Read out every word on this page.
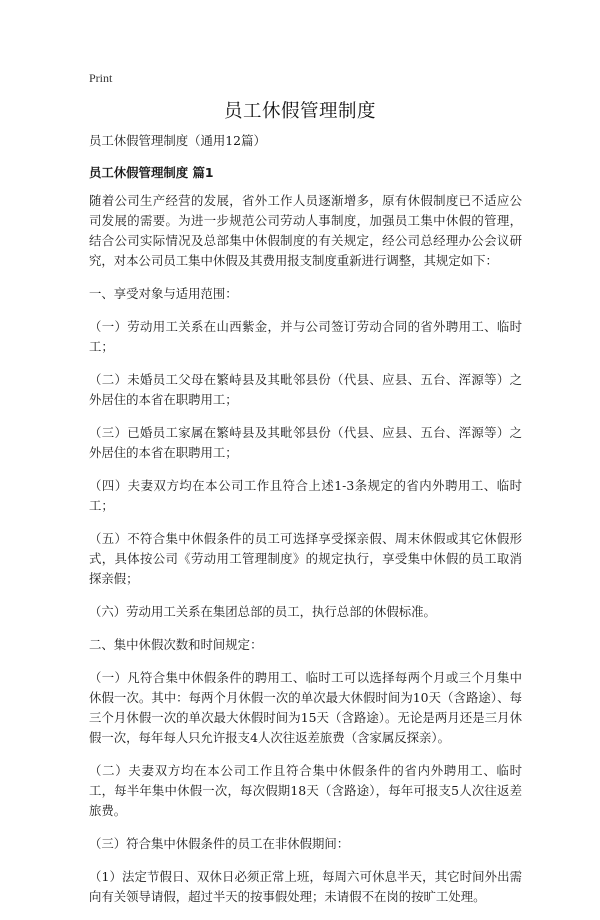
Print
员工休假管理制度

员工休假管理制度（通用12篇）

员工休假管理制度 篇1

随着公司生产经营的发展，省外工作人员逐渐增多，原有休假制度已不适应公司发展的需要。为进一步规范公司劳动人事制度，加强员工集中休假的管理，结合公司实际情况及总部集中休假制度的有关规定，经公司总经理办公会议研究，对本公司员工集中休假及其费用报支制度重新进行调整，其规定如下：

一、享受对象与适用范围：

（一）劳动用工关系在山西紫金，并与公司签订劳动合同的省外聘用工、临时工；

（二）未婚员工父母在繁峙县及其毗邻县份（代县、应县、五台、浑源等）之外居住的本省在职聘用工；

（三）已婚员工家属在繁峙县及其毗邻县份（代县、应县、五台、浑源等）之外居住的本省在职聘用工；

（四）夫妻双方均在本公司工作且符合上述1-3条规定的省内外聘用工、临时工；

（五）不符合集中休假条件的员工可选择享受探亲假、周末休假或其它休假形式，具体按公司《劳动用工管理制度》的规定执行，享受集中休假的员工取消探亲假；

（六）劳动用工关系在集团总部的员工，执行总部的休假标准。

二、集中休假次数和时间规定：

（一）凡符合集中休假条件的聘用工、临时工可以选择每两个月或三个月集中休假一次。其中：每两个月休假一次的单次最大休假时间为10天（含路途）、每三个月休假一次的单次最大休假时间为15天（含路途）。无论是两月还是三月休假一次，每年每人只允许报支4人次往返差旅费（含家属反探亲）。

（二）夫妻双方均在本公司工作且符合集中休假条件的省内外聘用工、临时工，每半年集中休假一次，每次假期18天（含路途），每年可报支5人次往返差旅费。

（三）符合集中休假条件的员工在非休假期间：

（1）法定节假日、双休日必须正常上班，每周六可休息半天，其它时间外出需向有关领导请假，超过半天的按事假处理；未请假不在岗的按旷工处理。
